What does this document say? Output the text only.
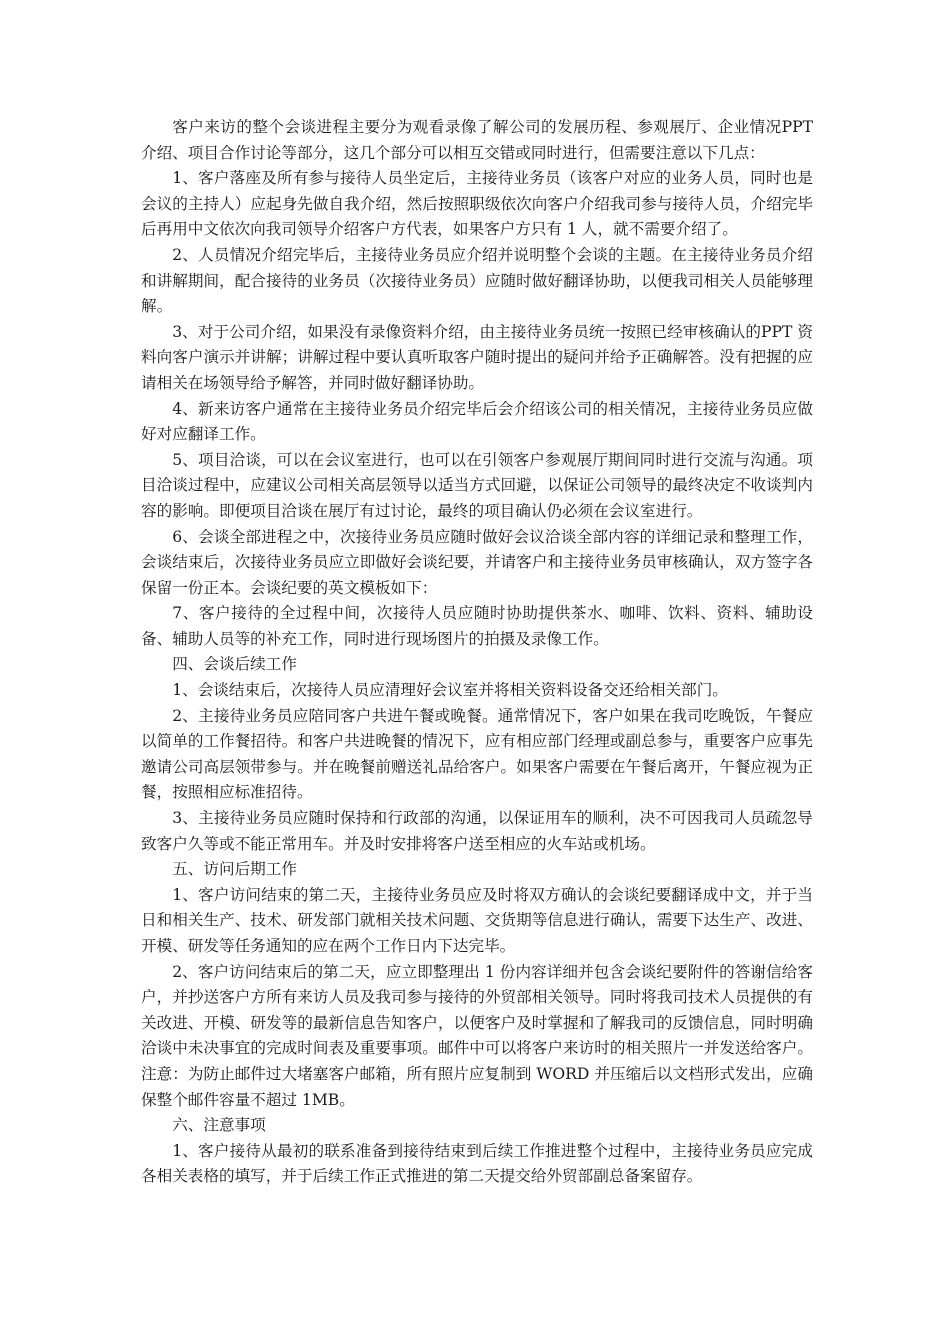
客户来访的整个会谈进程主要分为观看录像了解公司的发展历程、参观展厅、企业情况PPT 介绍、项目合作讨论等部分，这几个部分可以相互交错或同时进行，但需要注意以下几点：

1、客户落座及所有参与接待人员坐定后，主接待业务员（该客户对应的业务人员，同时也是会议的主持人）应起身先做自我介绍，然后按照职级依次向客户介绍我司参与接待人员，介绍完毕后再用中文依次向我司领导介绍客户方代表，如果客户方只有 1 人，就不需要介绍了。

2、人员情况介绍完毕后，主接待业务员应介绍并说明整个会谈的主题。在主接待业务员介绍和讲解期间，配合接待的业务员（次接待业务员）应随时做好翻译协助，以便我司相关人员能够理解。

3、对于公司介绍，如果没有录像资料介绍，由主接待业务员统一按照已经审核确认的PPT 资料向客户演示并讲解；讲解过程中要认真听取客户随时提出的疑问并给予正确解答。没有把握的应请相关在场领导给予解答，并同时做好翻译协助。

4、新来访客户通常在主接待业务员介绍完毕后会介绍该公司的相关情况，主接待业务员应做好对应翻译工作。

5、项目洽谈，可以在会议室进行，也可以在引领客户参观展厅期间同时进行交流与沟通。项目洽谈过程中，应建议公司相关高层领导以适当方式回避，以保证公司领导的最终决定不收谈判内容的影响。即便项目洽谈在展厅有过讨论，最终的项目确认仍必须在会议室进行。

6、会谈全部进程之中，次接待业务员应随时做好会议洽谈全部内容的详细记录和整理工作，会谈结束后，次接待业务员应立即做好会谈纪要，并请客户和主接待业务员审核确认，双方签字各保留一份正本。会谈纪要的英文模板如下：

7、客户接待的全过程中间，次接待人员应随时协助提供茶水、咖啡、饮料、资料、辅助设备、辅助人员等的补充工作，同时进行现场图片的拍摄及录像工作。

四、会谈后续工作

1、会谈结束后，次接待人员应清理好会议室并将相关资料设备交还给相关部门。

2、主接待业务员应陪同客户共进午餐或晚餐。通常情况下，客户如果在我司吃晚饭，午餐应以简单的工作餐招待。和客户共进晚餐的情况下，应有相应部门经理或副总参与，重要客户应事先邀请公司高层领带参与。并在晚餐前赠送礼品给客户。如果客户需要在午餐后离开，午餐应视为正餐，按照相应标准招待。

3、主接待业务员应随时保持和行政部的沟通，以保证用车的顺利，决不可因我司人员疏忽导致客户久等或不能正常用车。并及时安排将客户送至相应的火车站或机场。

五、访问后期工作

1、客户访问结束的第二天，主接待业务员应及时将双方确认的会谈纪要翻译成中文，并于当日和相关生产、技术、研发部门就相关技术问题、交货期等信息进行确认，需要下达生产、改进、开模、研发等任务通知的应在两个工作日内下达完毕。

2、客户访问结束后的第二天，应立即整理出 1 份内容详细并包含会谈纪要附件的答谢信给客户，并抄送客户方所有来访人员及我司参与接待的外贸部相关领导。同时将我司技术人员提供的有关改进、开模、研发等的最新信息告知客户，以便客户及时掌握和了解我司的反馈信息，同时明确洽谈中未决事宜的完成时间表及重要事项。邮件中可以将客户来访时的相关照片一并发送给客户。注意：为防止邮件过大堵塞客户邮箱，所有照片应复制到 WORD 并压缩后以文档形式发出，应确保整个邮件容量不超过 1MB。

六、注意事项

1、客户接待从最初的联系准备到接待结束到后续工作推进整个过程中，主接待业务员应完成各相关表格的填写，并于后续工作正式推进的第二天提交给外贸部副总备案留存。
